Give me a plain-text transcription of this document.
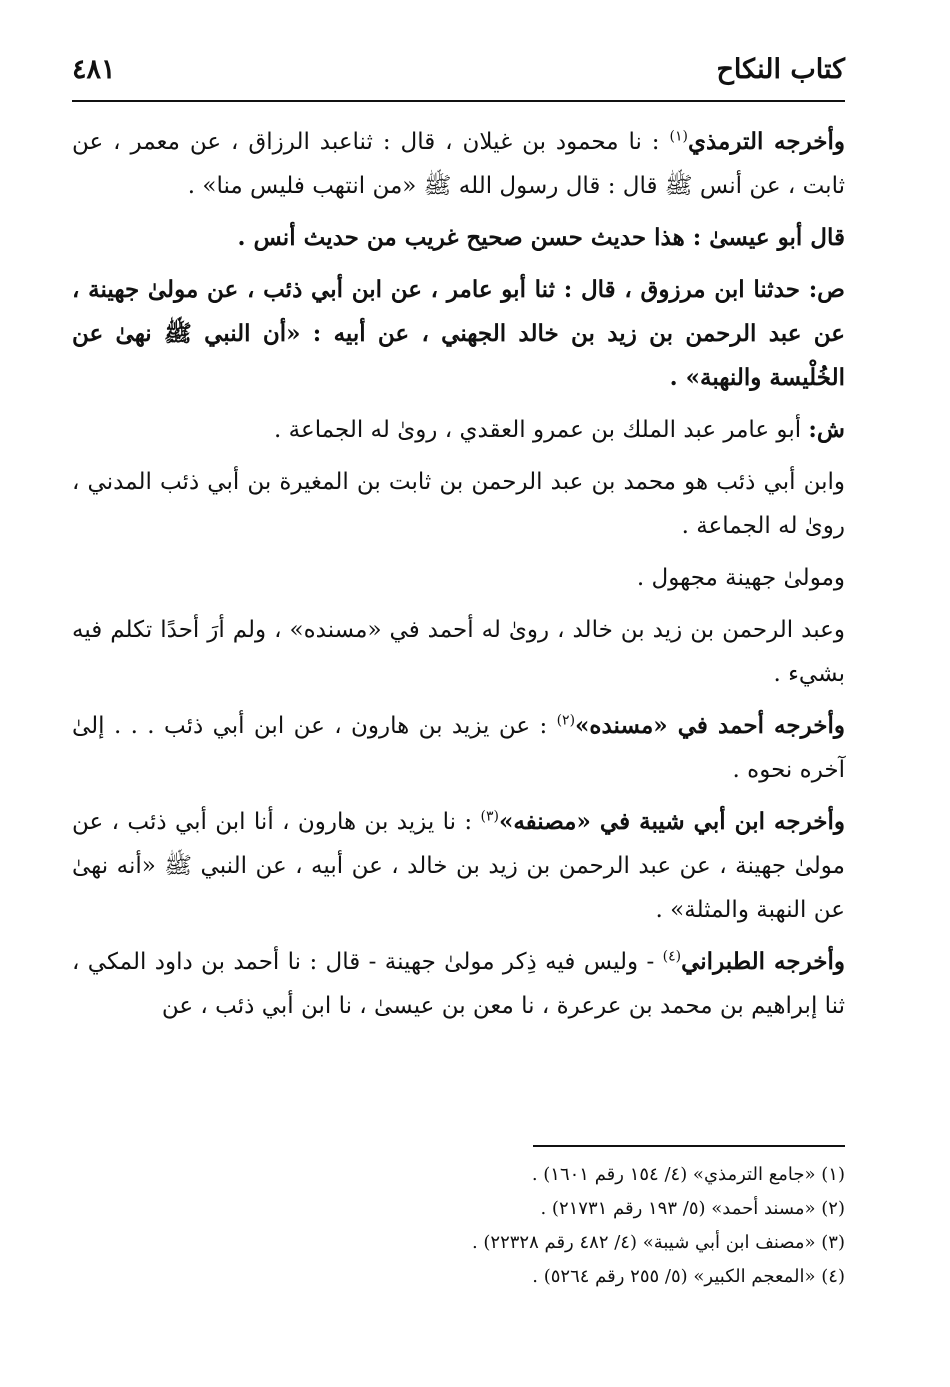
كتاب النكاح
٤٨١

وأخرجه الترمذي$^{(١)}$ : نا محمود بن غيلان ، قال : ثناعبد الرزاق ، عن معمر ، عن ثابت ، عن أنس ﷺ قال : قال رسول الله ﷺ «من انتهب فليس منا» .

قال أبو عيسىٰ : هذا حديث حسن صحيح غريب من حديث أنس .

ص: حدثنا ابن مرزوق ، قال : ثنا أبو عامر ، عن ابن أبي ذئب ، عن مولىٰ جهينة ، عن عبد الرحمن بن زيد بن خالد الجهني ، عن أبيه : «أن النبي ﷺ نهىٰ عن الخُلْيسة والنهبة» .

ش: أبو عامر عبد الملك بن عمرو العقدي ، روىٰ له الجماعة .

وابن أبي ذئب هو محمد بن عبد الرحمن بن ثابت بن المغيرة بن أبي ذئب المدني ، روىٰ له الجماعة .

ومولىٰ جهينة مجهول .

وعبد الرحمن بن زيد بن خالد ، روىٰ له أحمد في «مسنده» ، ولم أرَ أحدًا تكلم فيه بشيء .

وأخرجه أحمد في «مسنده»$^{(٢)}$ : عن يزيد بن هارون ، عن ابن أبي ذئب . . . إلىٰ آخره نحوه .

وأخرجه ابن أبي شيبة في «مصنفه»$^{(٣)}$ : نا يزيد بن هارون ، أنا ابن أبي ذئب ، عن مولىٰ جهينة ، عن عبد الرحمن بن زيد بن خالد ، عن أبيه ، عن النبي ﷺ «أنه نهىٰ عن النهبة والمثلة» .

وأخرجه الطبراني$^{(٤)}$ - وليس فيه ذِكر مولىٰ جهينة - قال : نا أحمد بن داود المكي ، ثنا إبراهيم بن محمد بن عرعرة ، نا معن بن عيسىٰ ، نا ابن أبي ذئب ، عن

(١) «جامع الترمذي» (٤/ ١٥٤ رقم ١٦٠١) .
(٢) «مسند أحمد» (٥/ ١٩٣ رقم ٢١٧٣١) .
(٣) «مصنف ابن أبي شيبة» (٤/ ٤٨٢ رقم ٢٢٣٢٨) .
(٤) «المعجم الكبير» (٥/ ٢٥٥ رقم ٥٢٦٤) .
